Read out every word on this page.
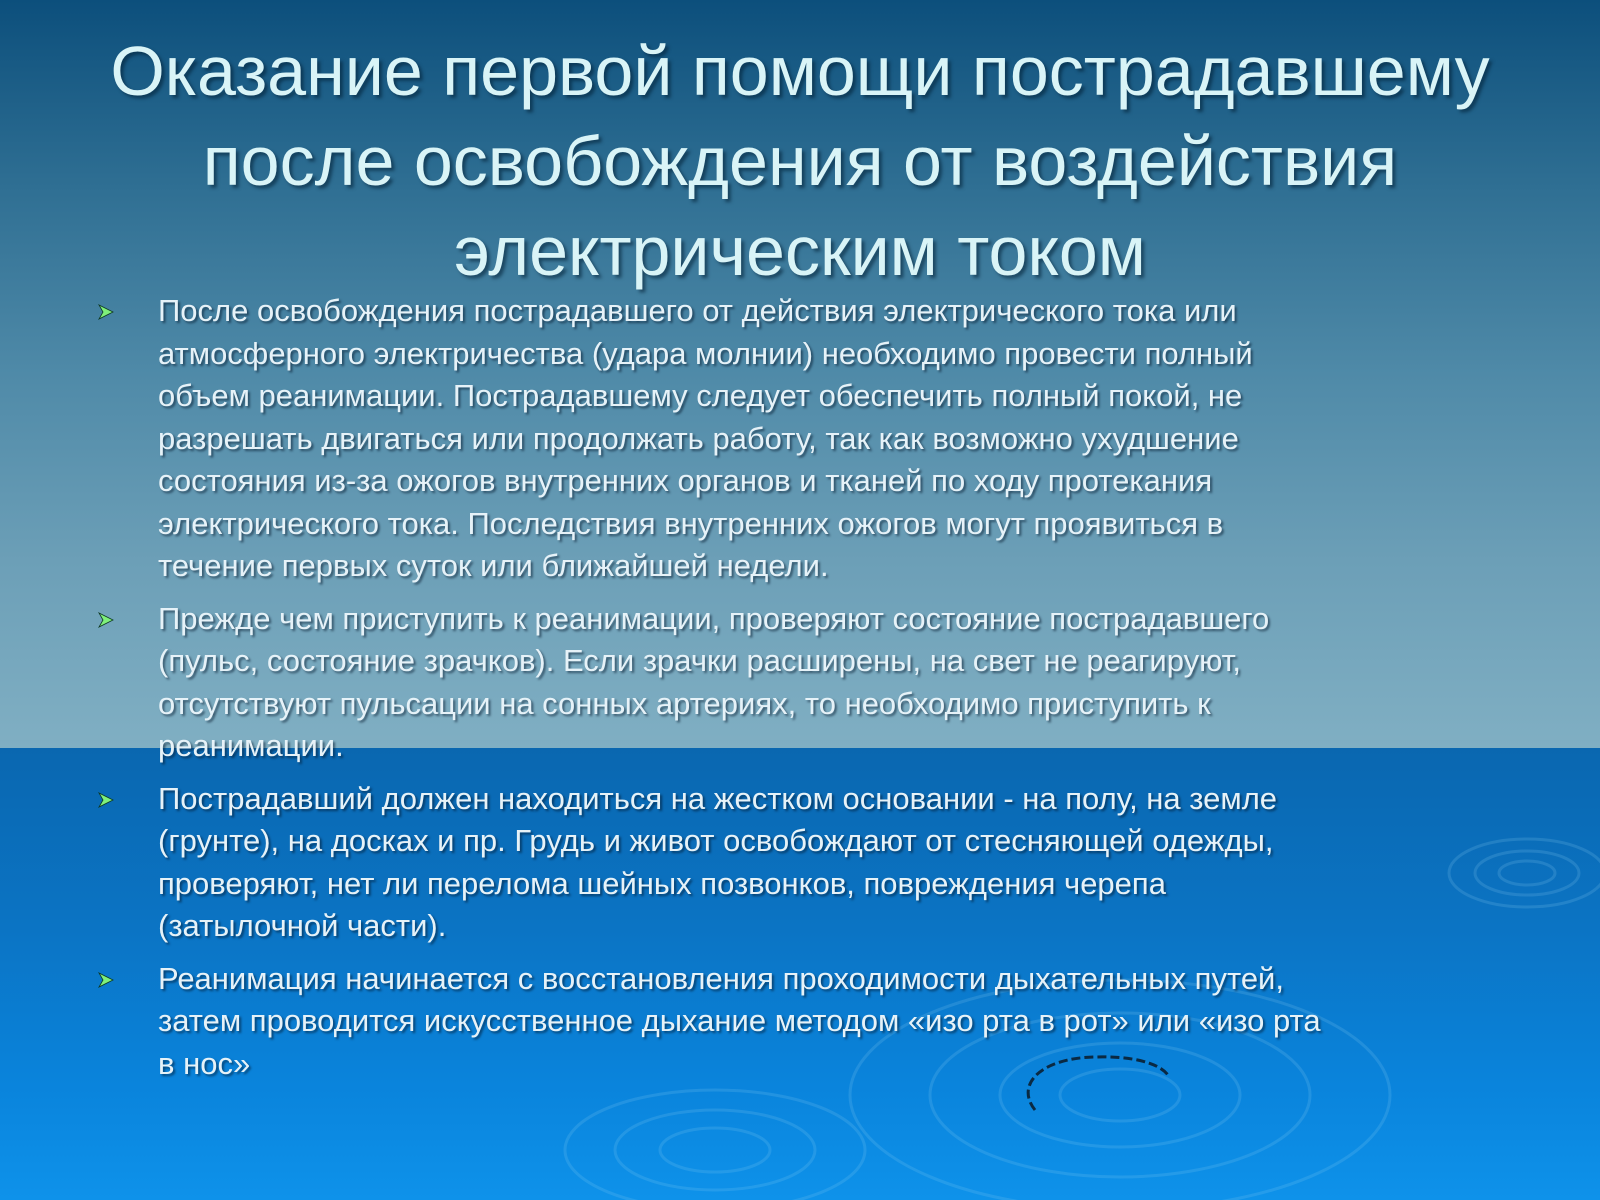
Оказание первой помощи пострадавшему
после освобождения от воздействия
электрическим током
После освобождения пострадавшего от действия электрического тока или
атмосферного электричества (удара молнии) необходимо провести полный
объем реанимации. Пострадавшему следует обеспечить полный покой, не
разрешать двигаться или продолжать работу, так как возможно ухудшение
состояния из-за ожогов внутренних органов и тканей по ходу протекания
электрического тока. Последствия внутренних ожогов могут проявиться в
течение первых суток или ближайшей недели.
Прежде чем приступить к реанимации, проверяют состояние пострадавшего
(пульс, состояние зрачков). Если зрачки расширены, на свет не реагируют,
отсутствуют пульсации на сонных артериях, то необходимо приступить к
реанимации.
Пострадавший должен находиться на жестком основании - на полу, на земле
(грунте), на досках и пр. Грудь и живот освобождают от стесняющей одежды,
проверяют, нет ли перелома шейных позвонков, повреждения черепа
(затылочной части).
Реанимация начинается с восстановления проходимости дыхательных путей,
затем проводится искусственное дыхание методом «изо рта в рот» или «изо рта
в нос»
